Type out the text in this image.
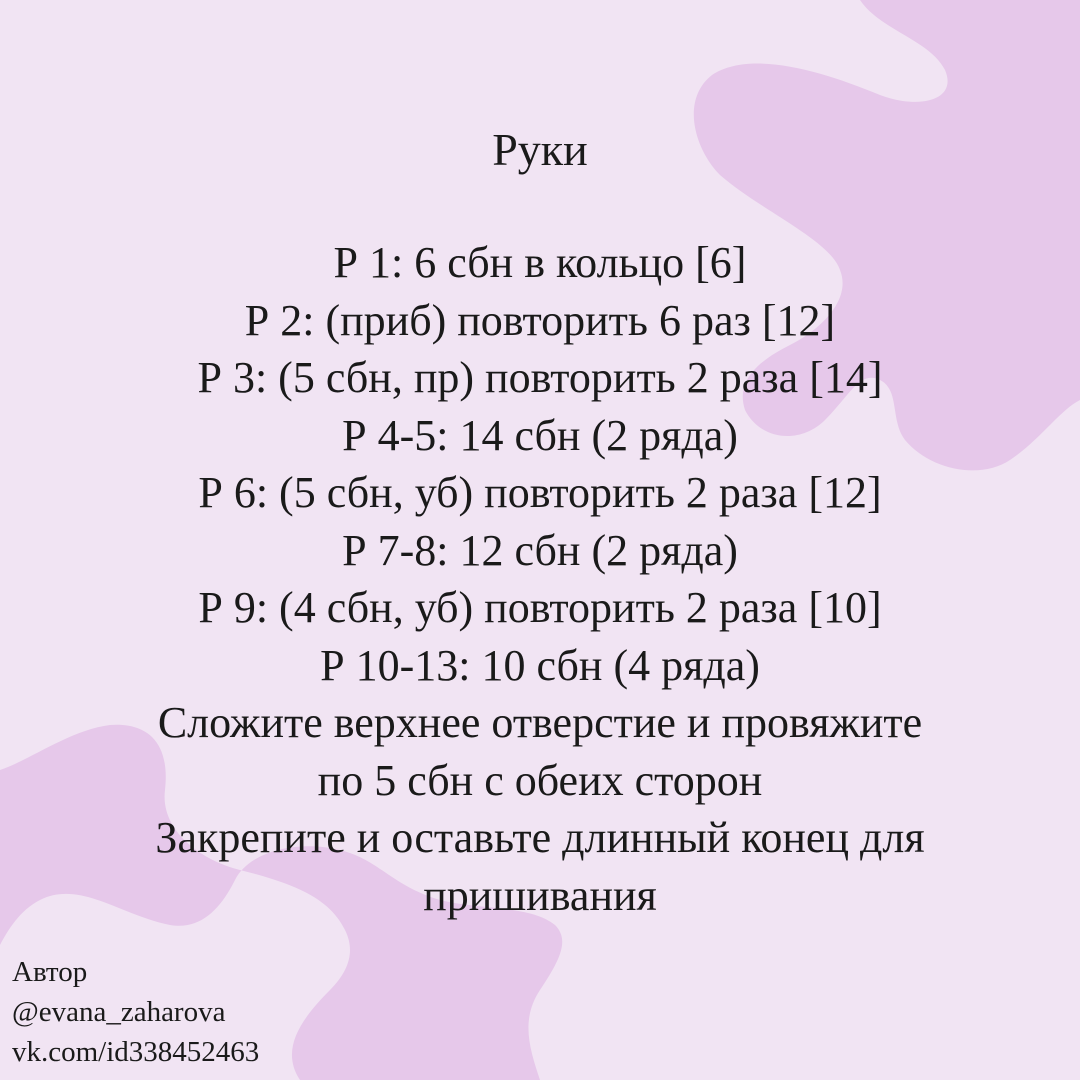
Руки
Р 1: 6 сбн в кольцо [6]
Р 2: (приб) повторить 6 раз [12]
Р 3: (5 сбн, пр) повторить 2 раза [14]
Р 4-5: 14 сбн (2 ряда)
Р 6: (5 сбн, уб) повторить 2 раза [12]
Р 7-8: 12 сбн (2 ряда)
Р 9: (4 сбн, уб) повторить 2 раза [10]
Р 10-13: 10 сбн (4 ряда)
Сложите верхнее отверстие и провяжите
по 5 сбн с обеих сторон
Закрепите и оставьте длинный конец для
пришивания
Автор
@evana_zaharova
vk.com/id338452463
